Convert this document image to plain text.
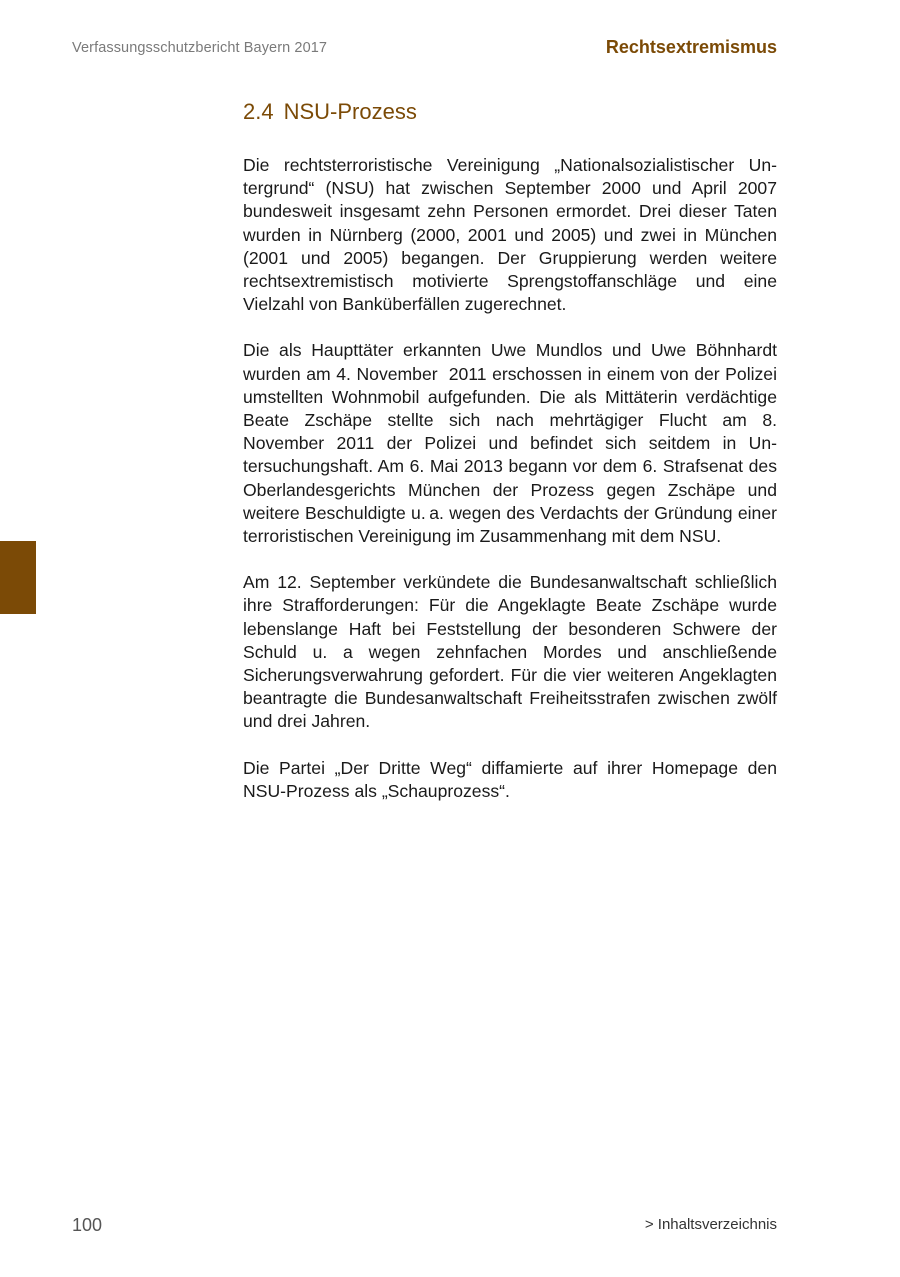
Verfassungsschutzbericht Bayern 2017	Rechtsextremismus
2.4 NSU-Prozess

Die rechtsterroristische Vereinigung „Nationalsozialistischer Untergrund“ (NSU) hat zwischen September 2000 und April 2007 bundesweit insgesamt zehn Personen ermordet. Drei dieser Taten wurden in Nürnberg (2000, 2001 und 2005) und zwei in München (2001 und 2005) begangen. Der Gruppierung werden weitere rechtsextremistisch motivierte Sprengstoffanschläge und eine Vielzahl von Banküberfällen zugerechnet.

Die als Haupttäter erkannten Uwe Mundlos und Uwe Böhnhardt wurden am 4. November  2011 erschossen in einem von der Polizei umstellten Wohnmobil aufgefunden. Die als Mittäterin verdächtige Beate Zschäpe stellte sich nach mehrtägiger Flucht am 8. November 2011 der Polizei und befindet sich seitdem in Untersuchungshaft. Am 6. Mai 2013 begann vor dem 6. Strafsenat des Oberlandesgerichts München der Prozess gegen Zschäpe und weitere Beschuldigte u. a. wegen des Verdachts der Gründung einer terroristischen Vereinigung im Zusammenhang mit dem NSU.

Am 12. September verkündete die Bundesanwaltschaft schließlich ihre Strafforderungen: Für die Angeklagte Beate Zschäpe wurde lebenslange Haft bei Feststellung der besonderen Schwere der Schuld u. a wegen zehnfachen Mordes und anschließende Sicherungsverwahrung gefordert. Für die vier weiteren Angeklagten beantragte die Bundesanwaltschaft Freiheitsstrafen zwischen zwölf und drei Jahren.

Die Partei „Der Dritte Weg“ diffamierte auf ihrer Homepage den NSU-Prozess als „Schauprozess“.

100	> Inhaltsverzeichnis
